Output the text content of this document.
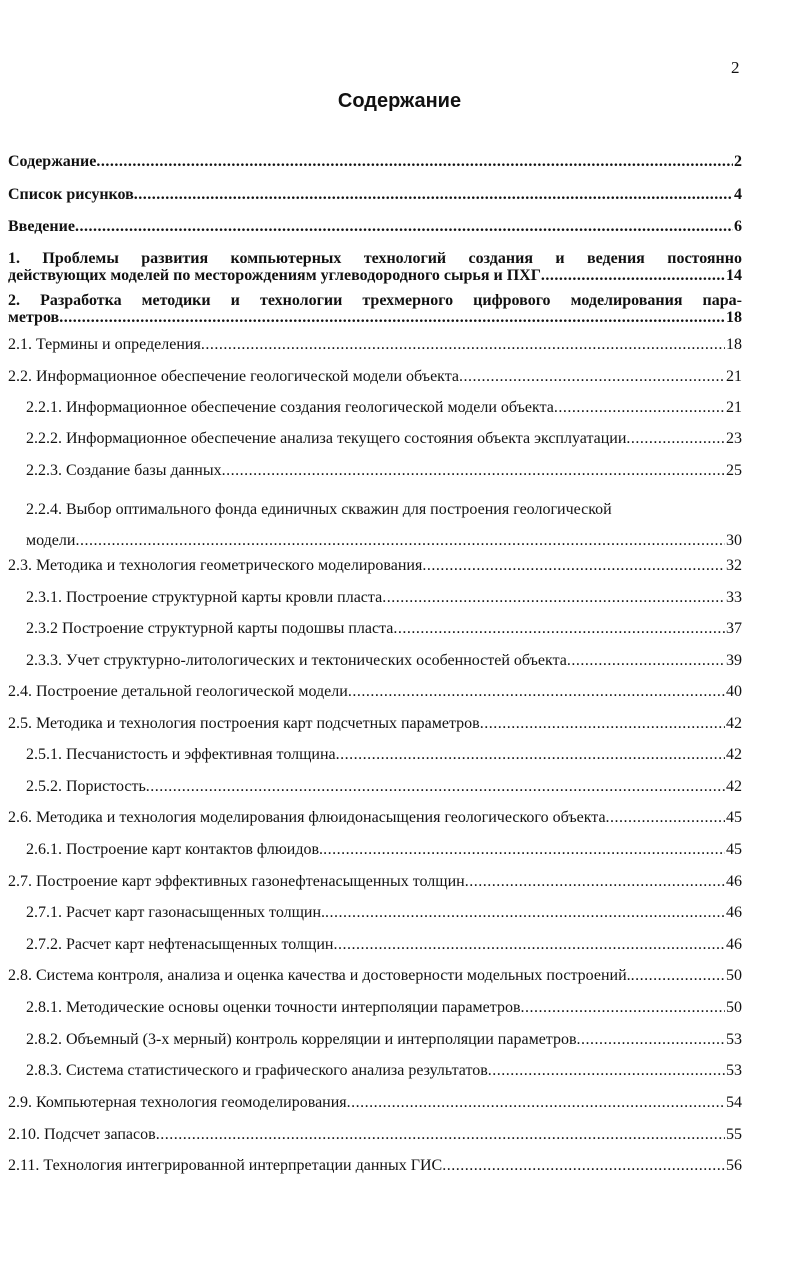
2
Содержание
Содержание .....	2
Список рисунков .....	4
Введение .....	6
1. Проблемы развития компьютерных технологий создания и ведения постоянно
действующих моделей по месторождениям углеводородного сырья и ПХГ .....	14
2. Разработка методики и технологии трехмерного цифрового моделирования пара-
метров .....	18
2.1. Термины и определения .....	18
2.2. Информационное обеспечение геологической модели объекта .....	21
2.2.1. Информационное обеспечение создания геологической модели объекта .....	21
2.2.2. Информационное обеспечение анализа текущего состояния объекта эксплуатации .....	23
2.2.3. Создание базы данных .....	25
2.2.4. Выбор оптимального фонда единичных скважин для построения геологической
модели .....	30
2.3. Методика и технология геометрического моделирования .....	32
2.3.1. Построение структурной карты кровли пласта .....	33
2.3.2 Построение структурной карты подошвы пласта .....	37
2.3.3. Учет структурно-литологических и тектонических особенностей объекта .....	39
2.4. Построение детальной геологической модели .....	40
2.5. Методика и технология построения карт подсчетных параметров .....	42
2.5.1. Песчанистость и эффективная толщина .....	42
2.5.2. Пористость .....	42
2.6. Методика и технология моделирования флюидонасыщения геологического объекта .....	45
2.6.1. Построение карт контактов флюидов. .....	45
2.7. Построение карт эффективных газонефтенасыщенных толщин .....	46
2.7.1. Расчет карт газонасыщенных толщин. .....	46
2.7.2. Расчет карт нефтенасыщенных толщин .....	46
2.8. Система контроля, анализа и оценка качества и достоверности модельных построений. .....	50
2.8.1. Методические основы оценки точности интерполяции параметров .....	50
2.8.2. Объемный (3-х мерный) контроль корреляции и интерполяции параметров .....	53
2.8.3. Система статистического и графического анализа результатов .....	53
2.9. Компьютерная технология геомоделирования .....	54
2.10. Подсчет запасов .....	55
2.11. Технология интегрированной интерпретации данных ГИС .....	56
